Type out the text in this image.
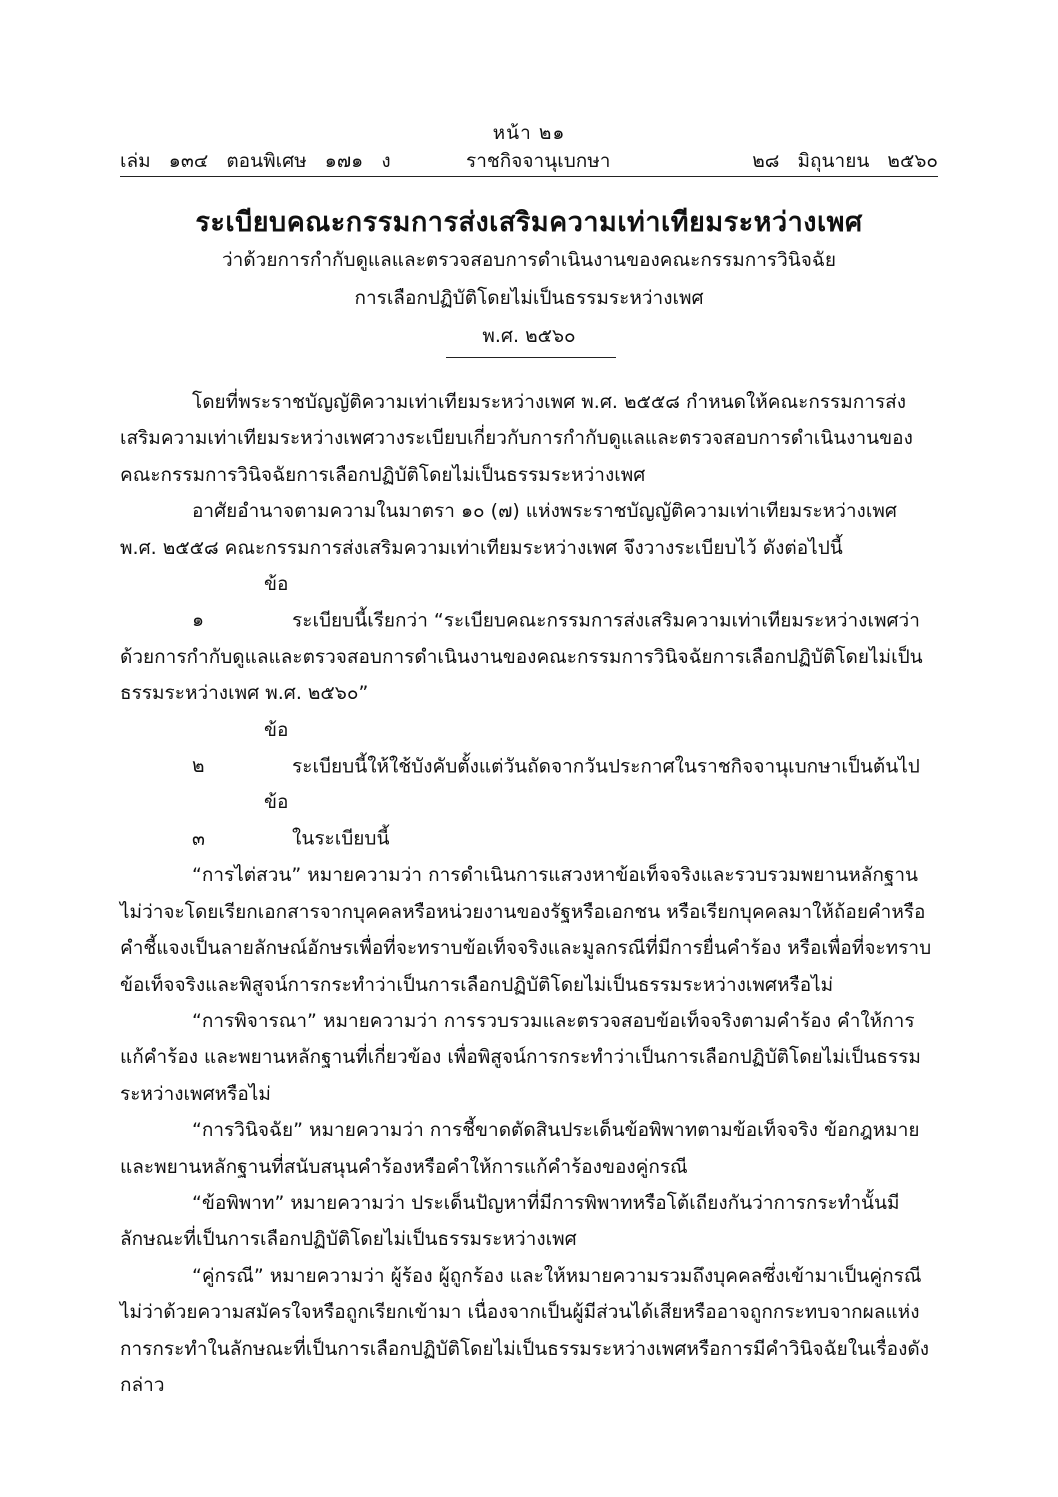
หน้า ๒๑
เล่ม   ๑๓๔   ตอนพิเศษ   ๑๗๑   ง	ราชกิจจานุเบกษา	๒๘   มิถุนายน   ๒๕๖๐
ระเบียบคณะกรรมการส่งเสริมความเท่าเทียมระหว่างเพศ
ว่าด้วยการกำกับดูแลและตรวจสอบการดำเนินงานของคณะกรรมการวินิจฉัย
การเลือกปฏิบัติโดยไม่เป็นธรรมระหว่างเพศ
พ.ศ. ๒๕๖๐

โดยที่พระราชบัญญัติความเท่าเทียมระหว่างเพศ พ.ศ. ๒๕๕๘ กำหนดให้คณะกรรมการส่งเสริมความเท่าเทียมระหว่างเพศวางระเบียบเกี่ยวกับการกำกับดูแลและตรวจสอบการดำเนินงานของคณะกรรมการวินิจฉัยการเลือกปฏิบัติโดยไม่เป็นธรรมระหว่างเพศ

อาศัยอำนาจตามความในมาตรา ๑๐ (๗) แห่งพระราชบัญญัติความเท่าเทียมระหว่างเพศ พ.ศ. ๒๕๕๘ คณะกรรมการส่งเสริมความเท่าเทียมระหว่างเพศ จึงวางระเบียบไว้ ดังต่อไปนี้

ข้อ ๑	ระเบียบนี้เรียกว่า “ระเบียบคณะกรรมการส่งเสริมความเท่าเทียมระหว่างเพศว่าด้วยการกำกับดูแลและตรวจสอบการดำเนินงานของคณะกรรมการวินิจฉัยการเลือกปฏิบัติโดยไม่เป็นธรรมระหว่างเพศ พ.ศ. ๒๕๖๐”

ข้อ ๒	ระเบียบนี้ให้ใช้บังคับตั้งแต่วันถัดจากวันประกาศในราชกิจจานุเบกษาเป็นต้นไป

ข้อ ๓	ในระเบียบนี้

“การไต่สวน” หมายความว่า การดำเนินการแสวงหาข้อเท็จจริงและรวบรวมพยานหลักฐานไม่ว่าจะโดยเรียกเอกสารจากบุคคลหรือหน่วยงานของรัฐหรือเอกชน หรือเรียกบุคคลมาให้ถ้อยคำหรือคำชี้แจงเป็นลายลักษณ์อักษรเพื่อที่จะทราบข้อเท็จจริงและมูลกรณีที่มีการยื่นคำร้อง หรือเพื่อที่จะทราบข้อเท็จจริงและพิสูจน์การกระทำว่าเป็นการเลือกปฏิบัติโดยไม่เป็นธรรมระหว่างเพศหรือไม่

“การพิจารณา” หมายความว่า การรวบรวมและตรวจสอบข้อเท็จจริงตามคำร้อง คำให้การแก้คำร้อง และพยานหลักฐานที่เกี่ยวข้อง เพื่อพิสูจน์การกระทำว่าเป็นการเลือกปฏิบัติโดยไม่เป็นธรรมระหว่างเพศหรือไม่

“การวินิจฉัย” หมายความว่า การชี้ขาดตัดสินประเด็นข้อพิพาทตามข้อเท็จจริง ข้อกฎหมายและพยานหลักฐานที่สนับสนุนคำร้องหรือคำให้การแก้คำร้องของคู่กรณี

“ข้อพิพาท” หมายความว่า ประเด็นปัญหาที่มีการพิพาทหรือโต้เถียงกันว่าการกระทำนั้นมีลักษณะที่เป็นการเลือกปฏิบัติโดยไม่เป็นธรรมระหว่างเพศ

“คู่กรณี” หมายความว่า ผู้ร้อง ผู้ถูกร้อง และให้หมายความรวมถึงบุคคลซึ่งเข้ามาเป็นคู่กรณีไม่ว่าด้วยความสมัครใจหรือถูกเรียกเข้ามา เนื่องจากเป็นผู้มีส่วนได้เสียหรืออาจถูกกระทบจากผลแห่งการกระทำในลักษณะที่เป็นการเลือกปฏิบัติโดยไม่เป็นธรรมระหว่างเพศหรือการมีคำวินิจฉัยในเรื่องดังกล่าว
